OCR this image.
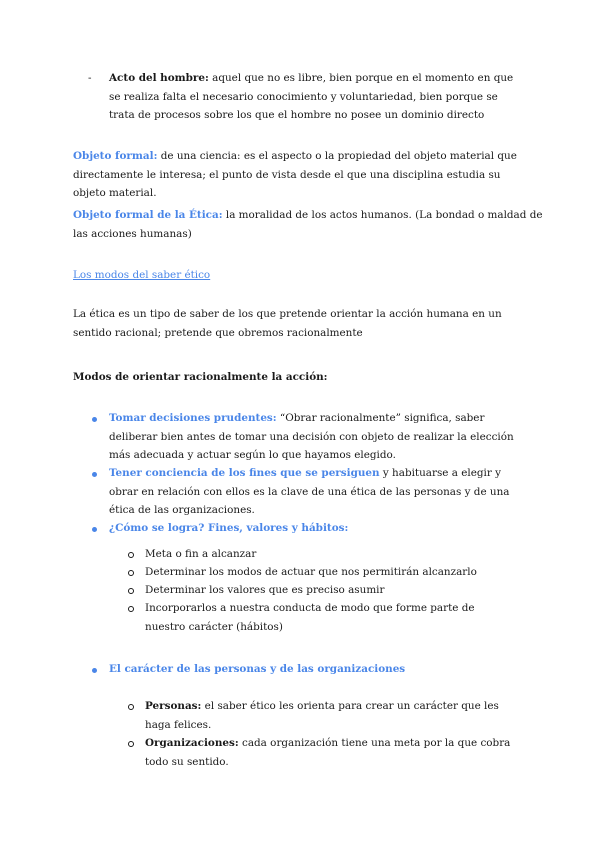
- Acto del hombre: aquel que no es libre, bien porque en el momento en que se realiza falta el necesario conocimiento y voluntariedad, bien porque se trata de procesos sobre los que el hombre no posee un dominio directo
Objeto formal: de una ciencia: es el aspecto o la propiedad del objeto material que directamente le interesa; el punto de vista desde el que una disciplina estudia su objeto material.
Objeto formal de la Ética: la moralidad de los actos humanos. (La bondad o maldad de las acciones humanas)
Los modos del saber ético
La ética es un tipo de saber de los que pretende orientar la acción humana en un sentido racional; pretende que obremos racionalmente
Modos de orientar racionalmente la acción:
Tomar decisiones prudentes: “Obrar racionalmente” significa, saber deliberar bien antes de tomar una decisión con objeto de realizar la elección más adecuada y actuar según lo que hayamos elegido.
Tener conciencia de los fines que se persiguen y habituarse a elegir y obrar en relación con ellos es la clave de una ética de las personas y de una ética de las organizaciones.
¿Cómo se logra? Fines, valores y hábitos:
Meta o fin a alcanzar
Determinar los modos de actuar que nos permitirán alcanzarlo
Determinar los valores que es preciso asumir
Incorporarlos a nuestra conducta de modo que forme parte de nuestro carácter (hábitos)
El carácter de las personas y de las organizaciones
Personas: el saber ético les orienta para crear un carácter que les haga felices.
Organizaciones: cada organización tiene una meta por la que cobra todo su sentido.
